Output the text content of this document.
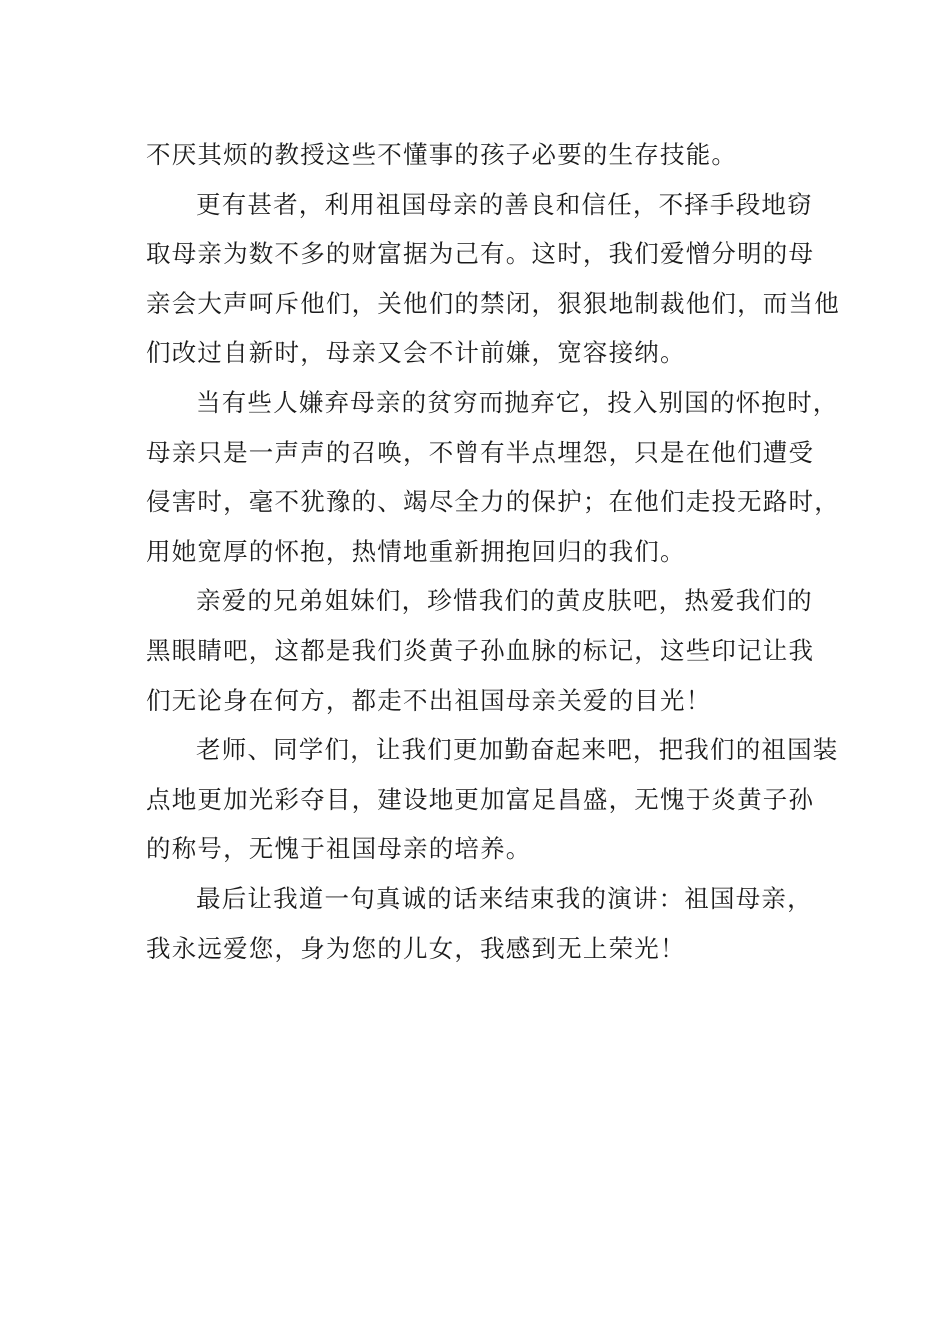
不厌其烦的教授这些不懂事的孩子必要的生存技能。
更有甚者，利用祖国母亲的善良和信任，不择手段地窃
取母亲为数不多的财富据为己有。这时，我们爱憎分明的母
亲会大声呵斥他们，关他们的禁闭，狠狠地制裁他们，而当他
们改过自新时，母亲又会不计前嫌，宽容接纳。
当有些人嫌弃母亲的贫穷而抛弃它，投入别国的怀抱时，
母亲只是一声声的召唤，不曾有半点埋怨，只是在他们遭受
侵害时，毫不犹豫的、竭尽全力的保护；在他们走投无路时，
用她宽厚的怀抱，热情地重新拥抱回归的我们。
亲爱的兄弟姐妹们，珍惜我们的黄皮肤吧，热爱我们的
黑眼睛吧，这都是我们炎黄子孙血脉的标记，这些印记让我
们无论身在何方，都走不出祖国母亲关爱的目光！
老师、同学们，让我们更加勤奋起来吧，把我们的祖国装
点地更加光彩夺目，建设地更加富足昌盛，无愧于炎黄子孙
的称号，无愧于祖国母亲的培养。
最后让我道一句真诚的话来结束我的演讲：祖国母亲，
我永远爱您，身为您的儿女，我感到无上荣光！
